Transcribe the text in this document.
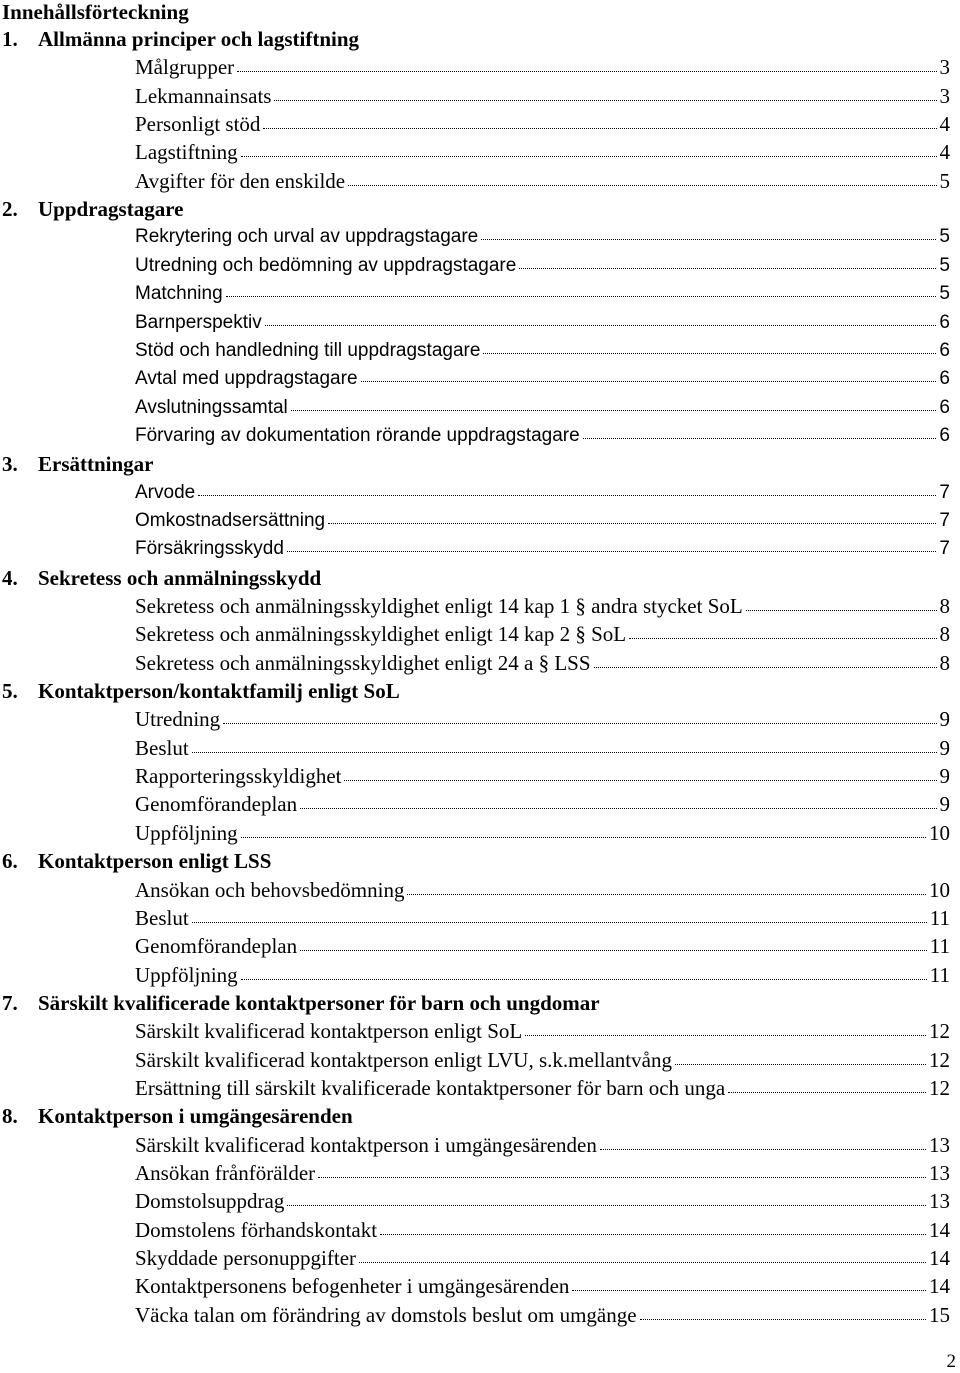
Innehållsförteckning
1. Allmänna principer och lagstiftning
Målgrupper	3
Lekmannainsats	3
Personligt stöd	4
Lagstiftning	4
Avgifter för den enskilde	5
2. Uppdragstagare
Rekrytering och urval av uppdragstagare	5
Utredning och bedömning av uppdragstagare	5
Matchning	5
Barnperspektiv	6
Stöd och handledning till uppdragstagare	6
Avtal med uppdragstagare	6
Avslutningssamtal	6
Förvaring av dokumentation rörande uppdragstagare	6
3. Ersättningar
Arvode	7
Omkostnadsersättning	7
Försäkringsskydd	7
4. Sekretess och anmälningsskydd
Sekretess och anmälningsskyldighet enligt 14 kap 1 § andra stycket SoL	8
Sekretess och anmälningsskyldighet enligt 14 kap 2 § SoL	8
Sekretess och anmälningsskyldighet enligt 24 a § LSS	8
5. Kontaktperson/kontaktfamilj enligt SoL
Utredning	9
Beslut	9
Rapporteringsskyldighet	9
Genomförandeplan	9
Uppföljning	10
6. Kontaktperson enligt LSS
Ansökan och behovsbedömning	10
Beslut	11
Genomförandeplan	11
Uppföljning	11
7. Särskilt kvalificerade kontaktpersoner för barn och ungdomar
Särskilt kvalificerad kontaktperson enligt SoL	12
Särskilt kvalificerad kontaktperson enligt LVU, s.k.mellantvång	12
Ersättning till särskilt kvalificerade kontaktpersoner för barn och unga	12
8. Kontaktperson i umgängesärenden
Särskilt kvalificerad kontaktperson i umgängesärenden	13
Ansökan frånförälder	13
Domstolsuppdrag	13
Domstolens förhandskontakt	14
Skyddade personuppgifter	14
Kontaktpersonens befogenheter i umgängesärenden	14
Väcka talan om förändring av domstols beslut om umgänge	15
2
